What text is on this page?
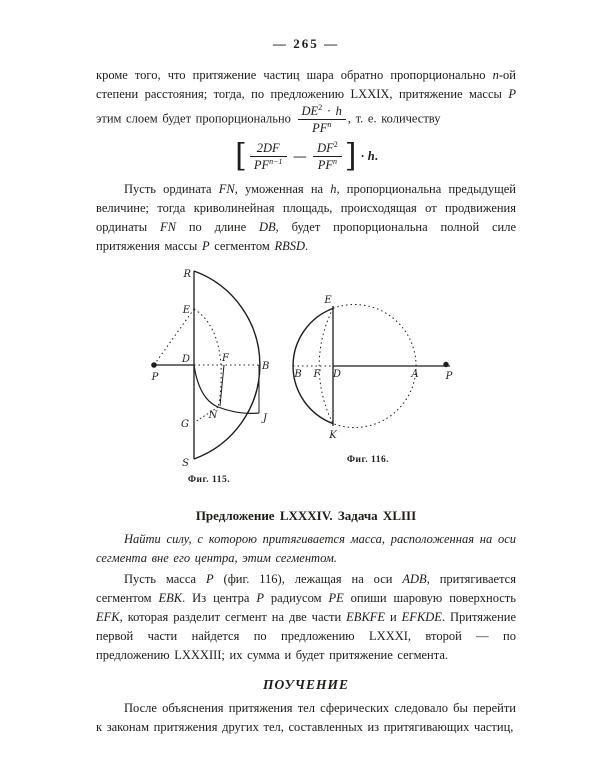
— 265 —

кроме того, что притяжение частиц шара обратно пропорционально n-ой степени расстояния; тогда, по предложению LXXIX, притяжение массы P этим слоем будет пропорционально $\frac{DE^2 \cdot h}{PF^n}$ , т. е. количеству

[ $\frac{2DF}{PF^{n-1}}$ — $\frac{DF^2}{PF^n}$ ] · h.

Пусть ордината FN, уможенная на h, пропорциональна предыдущей величине; тогда криволинейная площадь, происходящая от продвижения ординаты FN по длине DB, будет пропорциональна полной силе притяжения массы P сегментом RBSD.

R
E
P
D	F
B
N
G
J
S
Фиг. 115.
E
B F D	A	P
K
Фиг. 116.
Предложение LXXXIV. Задача XLIII

Найти силу, с которою притягивается масса, расположенная на оси сегмента вне его центра, этим сегментом.

Пусть масса P (фиг. 116), лежащая на оси ADB, притягивается сегментом EBK. Из центра P радиусом PE опиши шаровую поверхность EFK, которая разделит сегмент на две части EBKFE и EFKDE. Притяжение первой части найдется по предложению LXXXI, второй — по предложению LXXXIII; их сумма и будет притяжение сегмента.

ПОУЧЕНИЕ

После объяснения притяжения тел сферических следовало бы перейти к законам притяжения других тел, составленных из притягивающих частиц,
